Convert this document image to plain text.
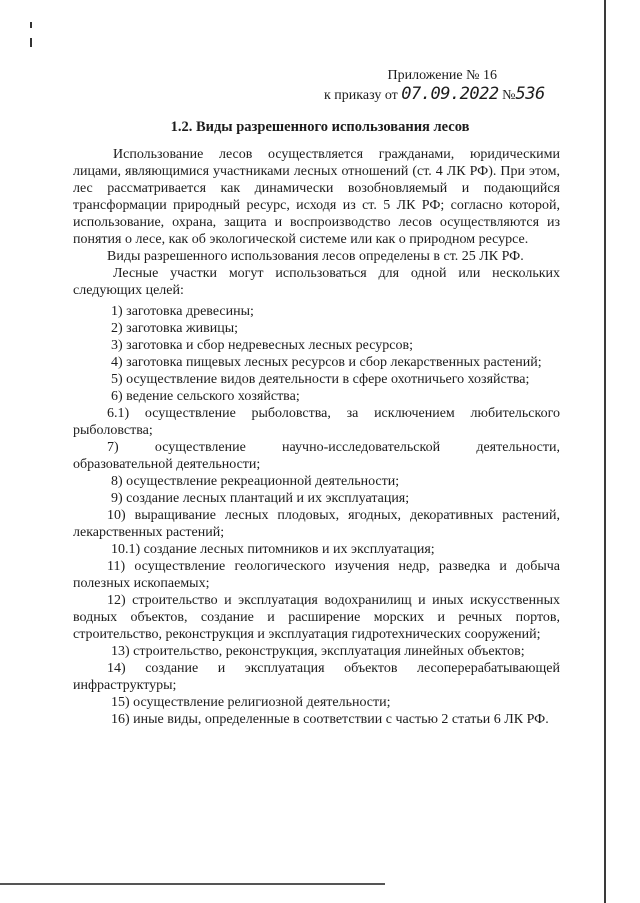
Приложение № 16
к приказу от 07.09.2022 №536
1.2. Виды разрешенного использования лесов

Использование лесов осуществляется гражданами, юридическими лицами, являющимися участниками лесных отношений (ст. 4 ЛК РФ). При этом, лес рассматривается как динамически возобновляемый и подающийся трансформации природный ресурс, исходя из ст. 5 ЛК РФ; согласно которой, использование, охрана, защита и воспроизводство лесов осуществляются из понятия о лесе, как об экологической системе или как о природном ресурсе.

Виды разрешенного использования лесов определены в ст. 25 ЛК РФ.

Лесные участки могут использоваться для одной или нескольких следующих целей:

1) заготовка древесины;

2) заготовка живицы;

3) заготовка и сбор недревесных лесных ресурсов;

4) заготовка пищевых лесных ресурсов и сбор лекарственных растений;

5) осуществление видов деятельности в сфере охотничьего хозяйства;

6) ведение сельского хозяйства;

6.1) осуществление рыболовства, за исключением любительского рыболовства;

7) осуществление научно-исследовательской деятельности, образовательной деятельности;

8) осуществление рекреационной деятельности;

9) создание лесных плантаций и их эксплуатация;

10) выращивание лесных плодовых, ягодных, декоративных растений, лекарственных растений;

10.1) создание лесных питомников и их эксплуатация;

11) осуществление геологического изучения недр, разведка и добыча полезных ископаемых;

12) строительство и эксплуатация водохранилищ и иных искусственных водных объектов, создание и расширение морских и речных портов, строительство, реконструкция и эксплуатация гидротехнических сооружений;

13) строительство, реконструкция, эксплуатация линейных объектов;

14) создание и эксплуатация объектов лесоперерабатывающей инфраструктуры;

15) осуществление религиозной деятельности;

16) иные виды, определенные в соответствии с частью 2 статьи 6 ЛК РФ.
